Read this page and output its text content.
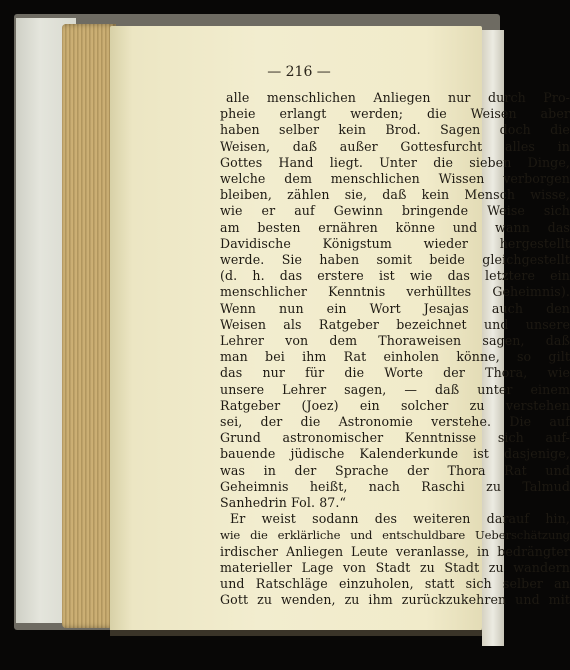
— 216 —
alle menschlichen Anliegen nur durch Pro-
pheie erlangt werden; die Weisen aber
haben selber kein Brod. Sagen doch die
Weisen, daß außer Gottesfurcht alles in
Gottes Hand liegt. Unter die sieben Dinge,
welche dem menschlichen Wissen verborgen
bleiben, zählen sie, daß kein Mensch wisse,
wie er auf Gewinn bringende Weise sich
am besten ernähren könne und wann das
Davidische Königstum wieder hergestellt
werde. Sie haben somit beide gleichgestellt
(d. h. das erstere ist wie das letztere ein
menschlicher Kenntnis verhülltes Geheimnis).
Wenn nun ein Wort Jesajas auch den
Weisen als Ratgeber bezeichnet und unsere
Lehrer von dem Thoraweisen sagen, daß
man bei ihm Rat einholen könne, so gilt
das nur für die Worte der Thora, wie
unsere Lehrer sagen, — daß unter einem
Ratgeber (Joez) ein solcher zu verstehen
sei, der die Astronomie verstehe. Die auf
Grund astronomischer Kenntnisse sich auf-
bauende jüdische Kalenderkunde ist dasjenige,
was in der Sprache der Thora Rat und
Geheimnis heißt, nach Raschi zu Talmud
Sanhedrin Fol. 87.“
Er weist sodann des weiteren darauf hin,
wie die erklärliche und entschuldbare Ueberschätzung
irdischer Anliegen Leute veranlasse, in bedrängter
materieller Lage von Stadt zu Stadt zu wandern
und Ratschläge einzuholen, statt sich selber an
Gott zu wenden, zu ihm zurückzukehren und mit
